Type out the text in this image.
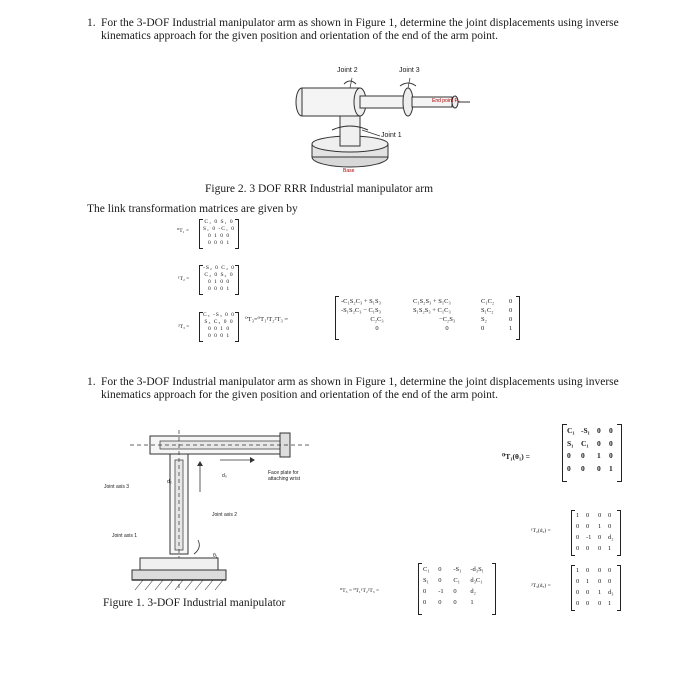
1. For the 3-DOF Industrial manipulator arm as shown in Figure 1, determine the joint displacements using inverse kinematics approach for the given position and orientation of the end of the arm point.
Joint 2	Joint 3
Joint 1
End point Pₐ
Base
Figure 2. 3 DOF RRR Industrial manipulator arm
The link transformation matrices are given by
⁰T₁ =
C₁ 0 S₁ 0
S₁ 0 -C₁ 0
0 1 0 0
0 0 0 1
¹T₂ =
-S₂ 0 C₂ 0
C₂ 0 S₂ 0
0 1 0 0
0 0 0 1
²T₃ =
C₃ -S₃ 0 0
S₃ C₃ 0 0
0 0 1 0
0 0 0 1
⁰T₃=⁰T₁¹T₂²T₃ =
-C₁S₂C₃ + S₁S₃	C₁S₂S₃ + S₁C₃	C₁C₂	0
-S₁S₂C₃ − C₁S₃	S₁S₂S₃ + C₁C₃	S₁C₂	0
C₂C₃	−C₂S₃	S₂	0
0	0	0	1
1. For the 3-DOF Industrial manipulator arm as shown in Figure 1, determine the joint displacements using inverse kinematics approach for the given position and orientation of the end of the arm point.
Joint axis 3
Joint axis 2
Joint axis 1
Face plate for attaching wrist
d₂
d₃
θ₁
Figure 1. 3-DOF Industrial manipulator
⁰T₁(θ₁) =
C₁	-S₁	0	0
S₁	C₁	0	0
0	0	1	0
0	0	0	1
¹T₂(d₂) =
1	0	0	0
0	0	1	0
0	-1	0	d₂
0	0	0	1
²T₃(d₃) =
1	0	0	0
0	1	0	0
0	0	1	d₃
0	0	0	1
⁰T₃ = ⁰T₁¹T₂²T₃ =
C₁	0	-S₁	-d₃S₁
S₁	0	C₁	d₃C₁
0	-1	0	d₂
0	0	0	1
